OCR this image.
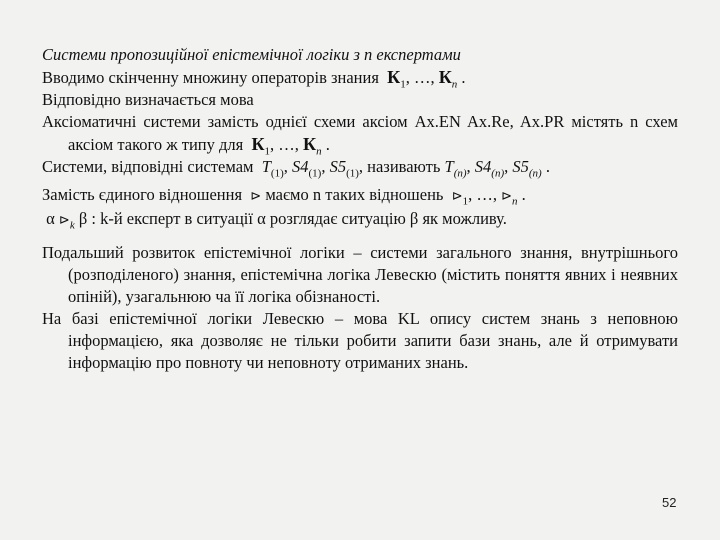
Системи пропозиційної епістемічної логіки з n експертами

Вводимо скінченну множину операторів знания $К_1$, …, $К_n$ .

Відповідно визначається мова

Аксіоматичні системи замість однієї схеми аксіом Ax.EN Ax.Re, Ax.PR містять n схем аксіом такого ж типу для $К_1$, …, $К_n$ .

Системи, відповідні системам $T_{(1)}$, $S4_{(1)}$, $S5_{(1)}$, називають $T_{(n)}$, $S4_{(n)}$, $S5_{(n)}$ .

Замість єдиного відношення ⊳ маємо n таких відношень $⊳_1$, …, $⊳_n$ .

α $⊳_k$ β : k-й експерт в ситуації α розглядає ситуацію β як можливу.

Подальший розвиток епістемічної логіки – системи загального знання, внутрішнього (розподіленого) знання, епістемічна логіка Левескю (містить поняття явних і неявних опіній), узагальнюю ча її логіка обізнаності.

На базі епістемічної логіки Левескю – мова KL опису систем знань з неповною інформацією, яка дозволяє не тільки робити запити бази знань, але й отримувати інформацію про повноту чи неповноту отриманих знань.

52
